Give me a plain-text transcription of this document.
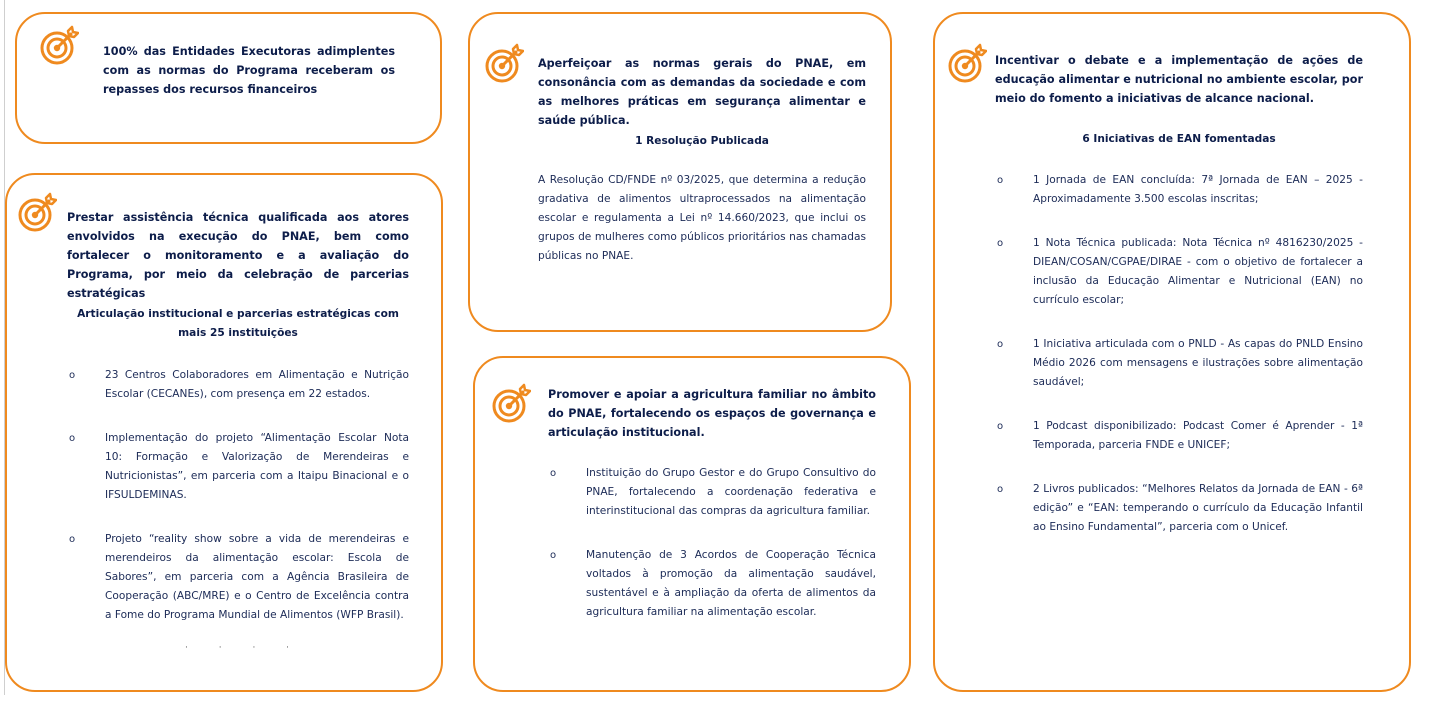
100% das Entidades Executoras adimplentes com as normas do Programa receberam os repasses dos recursos financeiros
Prestar assistência técnica qualificada aos atores envolvidos na execução do PNAE, bem como fortalecer o monitoramento e a avaliação do Programa, por meio da celebração de parcerias estratégicas
Articulação institucional e parcerias estratégicas com mais 25 instituições
o 23 Centros Colaboradores em Alimentação e Nutrição Escolar (CECANEs), com presença em 22 estados.
o Implementação do projeto “Alimentação Escolar Nota 10: Formação e Valorização de Merendeiras e Nutricionistas”, em parceria com a Itaipu Binacional e o IFSULDEMINAS.
o Projeto “reality show sobre a vida de merendeiras e merendeiros da alimentação escolar: Escola de Sabores”, em parceria com a Agência Brasileira de Cooperação (ABC/MRE) e o Centro de Excelência contra a Fome do Programa Mundial de Alimentos (WFP Brasil).
· · · ·
Aperfeiçoar as normas gerais do PNAE, em consonância com as demandas da sociedade e com as melhores práticas em segurança alimentar e saúde pública.
1 Resolução Publicada
A Resolução CD/FNDE nº 03/2025, que determina a redução gradativa de alimentos ultraprocessados na alimentação escolar e regulamenta a Lei nº 14.660/2023, que inclui os grupos de mulheres como públicos prioritários nas chamadas públicas no PNAE.
Promover e apoiar a agricultura familiar no âmbito do PNAE, fortalecendo os espaços de governança e articulação institucional.
o Instituição do Grupo Gestor e do Grupo Consultivo do PNAE, fortalecendo a coordenação federativa e interinstitucional das compras da agricultura familiar.
o Manutenção de 3 Acordos de Cooperação Técnica voltados à promoção da alimentação saudável, sustentável e à ampliação da oferta de alimentos da agricultura familiar na alimentação escolar.
Incentivar o debate e a implementação de ações de educação alimentar e nutricional no ambiente escolar, por meio do fomento a iniciativas de alcance nacional.
6 Iniciativas de EAN fomentadas
o 1 Jornada de EAN concluída: 7ª Jornada de EAN – 2025 - Aproximadamente 3.500 escolas inscritas;
o 1 Nota Técnica publicada: Nota Técnica nº 4816230/2025 - DIEAN/COSAN/CGPAE/DIRAE - com o objetivo de fortalecer a inclusão da Educação Alimentar e Nutricional (EAN) no currículo escolar;
o 1 Iniciativa articulada com o PNLD - As capas do PNLD Ensino Médio 2026 com mensagens e ilustrações sobre alimentação saudável;
o 1 Podcast disponibilizado: Podcast Comer é Aprender - 1ª Temporada, parceria FNDE e UNICEF;
o 2 Livros publicados: “Melhores Relatos da Jornada de EAN - 6ª edição” e “EAN: temperando o currículo da Educação Infantil ao Ensino Fundamental”, parceria com o Unicef.
